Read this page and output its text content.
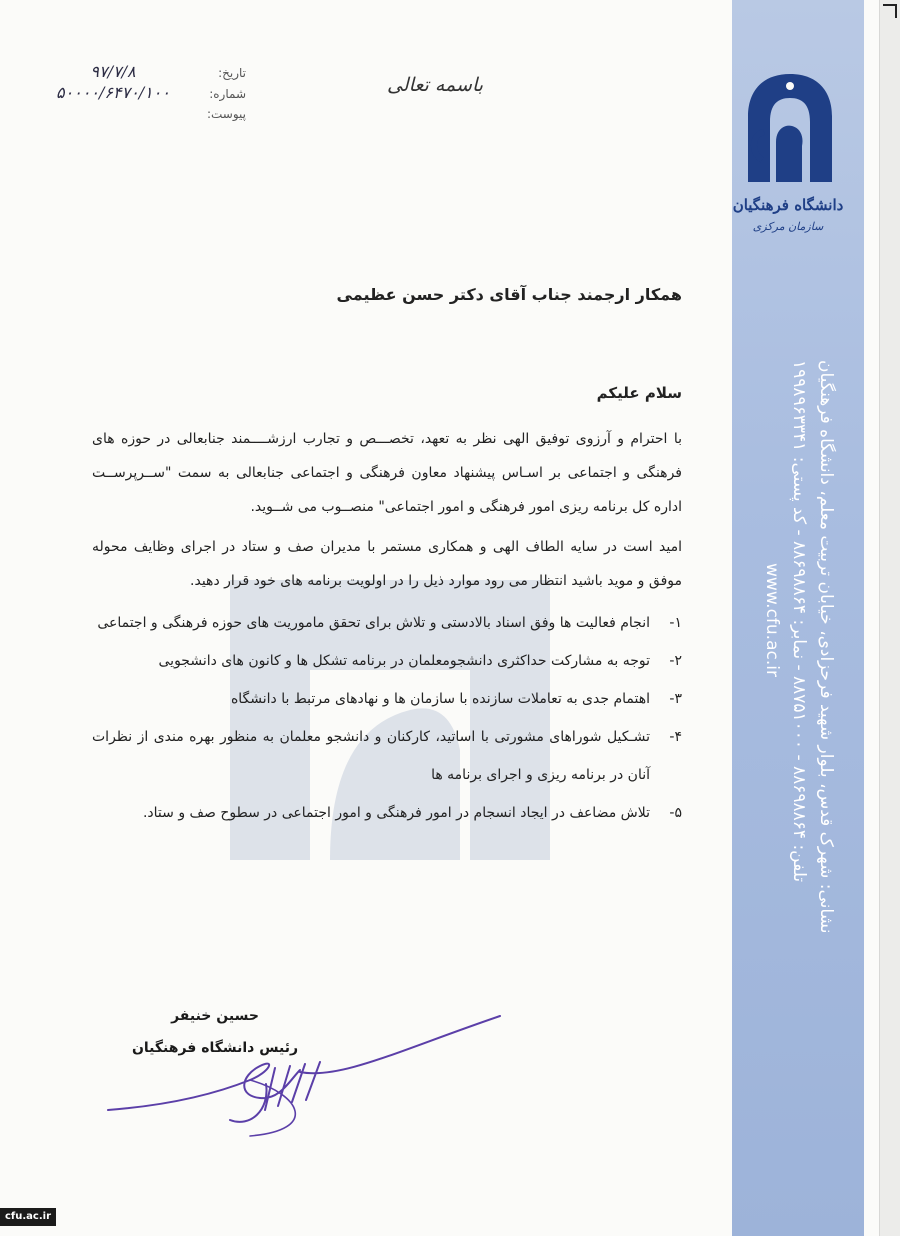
نشانی: شهرک قدس، بلوار شهید فرحزادی، خیابان تربیت معلم، دانشگاه فرهنگیان
تلفن: ۸۸۶۹۸۸۶۴ - ۸۸۷۵۱۰۰۰ - نمابر: ۸۸۶۹۸۸۶۴ - کد پستی: ۱۹۹۸۹۶۳۳۴۱
www.cfu.ac.ir
دانشگاه فرهنگیان
سازمان مرکزی
تاریخ:
۹۷/۷/۸
شماره:
۵۰۰۰۰/۶۴۷۰/۱۰۰
پیوست:
باسمه تعالی
همکار ارجمند جناب آقای دکتر حسن عظیمی
سلام علیکم

با احترام و آرزوی توفیق الهی نظر به تعهد، تخصـــص و تجارب ارزشــــمند جنابعالی در حوزه های فرهنگی و اجتماعی بر اسـاس پیشنهاد معاون فرهنگی و اجتماعی جنابعالی به سمت "ســرپرســت اداره کل برنامه ریزی امور فرهنگی و امور اجتماعی" منصــوب می شــوید.

امید است در سایه الطاف الهی و همکاری مستمر با مدیران صف و ستاد در اجرای وظایف محوله موفق و موید باشید انتظار می رود موارد ذیل را در اولویت برنامه های خود قرار دهید.

۱-
انجام فعالیت ها وفق اسناد بالادستی و تلاش برای تحقق ماموریت های حوزه فرهنگی و اجتماعی
۲-
توجه به مشارکت حداکثری دانشجومعلمان در برنامه تشکل ها و کانون های دانشجویی
۳-
اهتمام جدی به تعاملات سازنده با سازمان ها و نهادهای مرتبط با دانشگاه
۴-
تشـکیل شوراهای مشورتی با اساتید، کارکنان و دانشجو معلمان به منظور بهره مندی از نظرات آنان در برنامه ریزی و اجرای برنامه ها
۵-
تلاش مضاعف در ایجاد انسجام در امور فرهنگی و امور اجتماعی در سطوح صف و ستاد.
حسین خنیفر
رئیس دانشگاه فرهنگیان
cfu.ac.ir
